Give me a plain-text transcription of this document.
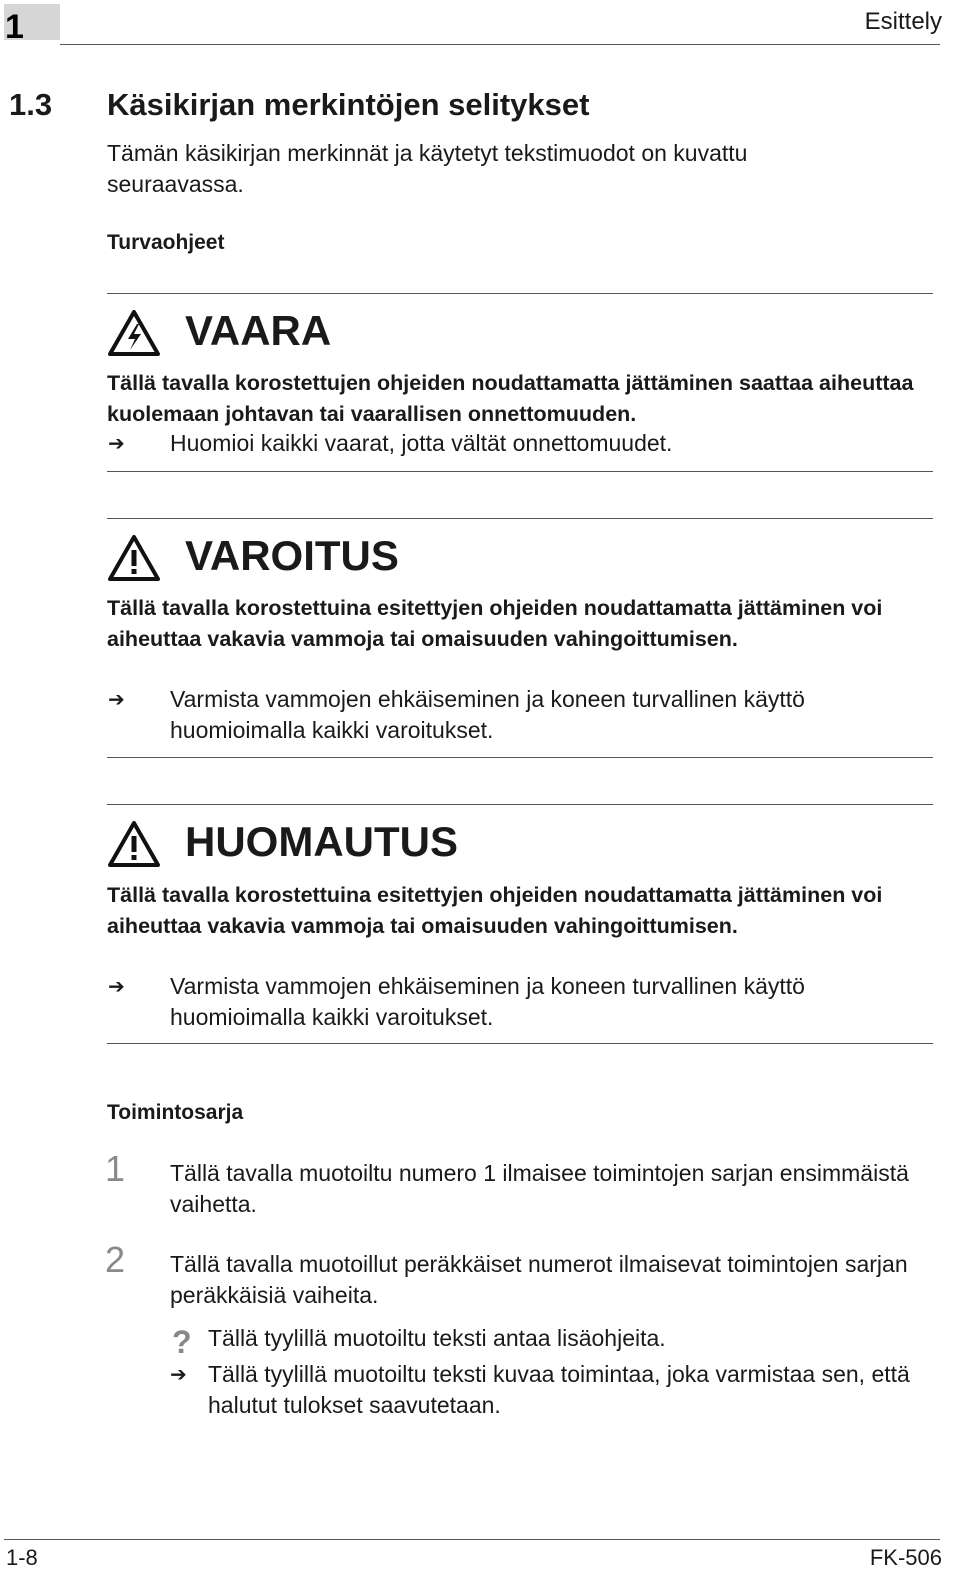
1	Esittely
1.3 Käsikirjan merkintöjen selitykset
Tämän käsikirjan merkinnät ja käytetyt tekstimuodot on kuvattu seuraavassa.
Turvaohjeet
VAARA
Tällä tavalla korostettujen ohjeiden noudattamatta jättäminen saattaa aiheuttaa kuolemaan johtavan tai vaarallisen onnettomuuden.
➔ Huomioi kaikki vaarat, jotta vältät onnettomuudet.
VAROITUS
Tällä tavalla korostettuina esitettyjen ohjeiden noudattamatta jättäminen voi aiheuttaa vakavia vammoja tai omaisuuden vahingoittumisen.
➔ Varmista vammojen ehkäiseminen ja koneen turvallinen käyttö huomioimalla kaikki varoitukset.
HUOMAUTUS
Tällä tavalla korostettuina esitettyjen ohjeiden noudattamatta jättäminen voi aiheuttaa vakavia vammoja tai omaisuuden vahingoittumisen.
➔ Varmista vammojen ehkäiseminen ja koneen turvallinen käyttö huomioimalla kaikki varoitukset.
Toimintosarja
1 Tällä tavalla muotoiltu numero 1 ilmaisee toimintojen sarjan ensimmäistä vaihetta.
2 Tällä tavalla muotoillut peräkkäiset numerot ilmaisevat toimintojen sarjan peräkkäisiä vaiheita.
? Tällä tyylillä muotoiltu teksti antaa lisäohjeita.
➔ Tällä tyylillä muotoiltu teksti kuvaa toimintaa, joka varmistaa sen, että halutut tulokset saavutetaan.
1-8	FK-506
